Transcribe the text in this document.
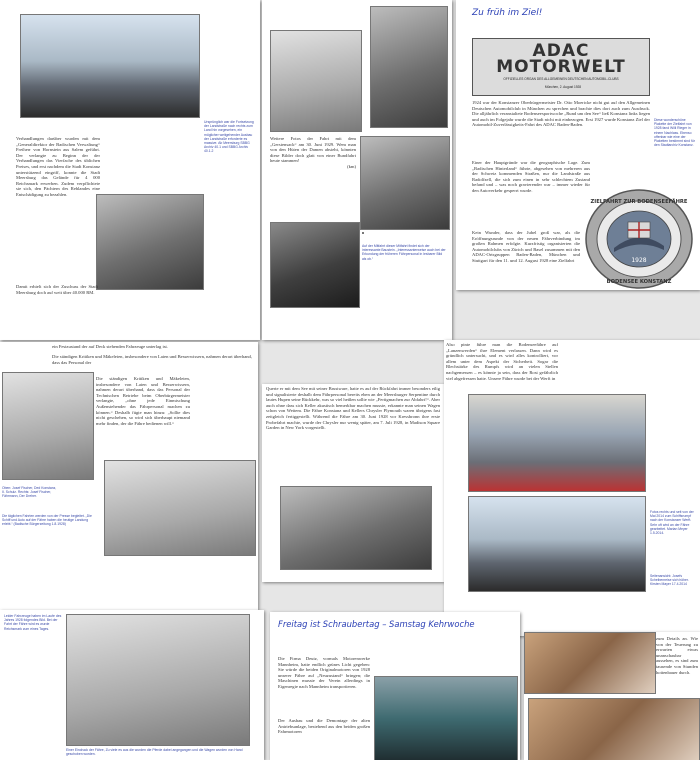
Ursprünglich war die Fortsetzung der Landstraße nach rechts zum Land hin vorgesehen, ein möglicher weitgehender Ausbau der Landstraße erforderte es massive. Ab Meersburg SBBG Archiv 40.1 und SBBG Archiv 40.1.2
Verhandlungen darüber wurden mit dem „Generaldirektor der Badischen Verwaltung“ Freiherr von Hornstein aus Salem geführt. Der verlangte zu Beginn der der Verhandlungen das Vierfache des üblichen Preises, und erst nachdem die Stadt Konstanz unterstützend eingriff, konnte die Stadt Meersburg das Gelände für 4 000 Reichsmark erwerben. Zudem verpflichtete sie sich, den Pächtern des Reblandes eine Entschädigung zu bezahlen.
Damit erhielt sich der Zuschuss der Stadt Meersburg doch auf weit über 40.000 RM.
Weitere Fotos der Fahrt mit dem „Gerstensack“ am 30. Juni 1929. Wem man von den Hüten der Damen absieht, könnten diese Bilder doch glatt von einer Bundfahrt heute stammen!
(km)
Auf der Mitfahrt dieser Mitfahrt findet sich der interessante Baustein. „Interessanterweise auch bei der Erkundung der früheren Fährpersonal in lesbarer Bild als ob.“
Zu früh im Ziel!
ADAC MOTORWELT
OFFIZIELLES ORGAN DES ALLGEMEINEN DEUTSCHEN AUTOMOBIL-CLUBS
München, 2. August 1928
1924 war der Konstanzer Oberbürgermeister Dr. Otto Moericke nicht gut auf den Allgemeinen Deutschen Automobilclub in München zu sprechen und brachte dies dort auch zum Ausdruck. Die alljährlich veranstaltete Bodenseesportwoche „Rund um den See“ ließ Konstanz links liegen und auch im Folgejahr wurde die Stadt nicht mit einbezogen. Erst 1927 wurde Konstanz Ziel der Automobil-Zuverlässigkeits-Fahrt des ADAC Baden-Baden.
Einer der Hauptgründe war die geographische Lage. Zum „Badischen Hinterland“ führte, abgesehen von mehreren aus der Schweiz kommenden Straßen, nur die Landstraße aus Radolfzell, die sich zum einen in sehr schlechtem Zustand befand und – was noch gravierender war – immer wieder für den Autoverkehr gesperrt wurde.
Kein Wunder, dass der Jubel groß war, als die Eröffnungsrunde von der neuen Fährverbindung im großen Rahmen erfolgte. Kurzfristig organisierten die Automobilclubs von Zürich und Basel zusammen mit den ADAC-Ortsgruppen Baden-Baden, München und Stuttgart für den 11. und 12. August 1928 eine Zielfahrt
Diese wunderschöne Plakette der Zielfahrt von 1928 fand Willi Rieger in einem Nachlass. Ebenso offenbar wie eine der Plaketten bestimmt sind für den Stadtarchiv Konstanz.
1928
ZIELFAHRT ZUR BODENSEEFÄHRE
BODENSEE KONSTANZ
ein Festzustand der auf Deck stehenden Fahrzeuge unterlag ist.
Die ständigen Kritiken und Mäkeleien, insbesondere von Laien und Besserwissern, nahmen derart überhand, dass das Personal der
Die ständigen Kritiken und Mäkeleien, insbesondere von Laien und Besserwissern, nahmen derart überhand, dass das Personal der Technischen Betriebe beim Oberbürgermeister verlangte, „ohne jede Einmischung Außenstehender das Fährpersonal machen zu können.“ Deshalb fügte man hinzu: „Sollte dies nicht geschehen, so wird sich überhaupt niemand mehr finden, der die Fähre bedienen will.“
Oben: Josef Fischer, Ded Konstanz, II. Schulz. Rechts: Josef Fischer, Fährmann, Der Dreher.
Die täglichen Fahrten werden von der Presse begleitet. „Die Schiff und Auto auf der Fähre haben die heutige Landung erlebt.“ (Badische Bürgerzeitung 1.8.1928)
Querte er mit dem See mit seiner Brustware, hatte es auf der Rückfahrt immer besonders eilig und signalisierte deshalb dem Fährpersonal bereits eben an der Meersburger Serpentine durch lautes Hupen seine Rückkehr, was so viel heißen sollte wie „Fertigmachen zur Abfahrt!“. Aber auch ohne dass sich Keller akustisch bemerkbar machen musste, erkannte man seinen Wagen schon von Weitem. Die Fähre Konstanz und Kellers Chrysler Plymouth waren übrigens fast zeitgleich fertiggestellt. Während die Fähre am 30. Juni 1928 vor Kressbronn ihre erste Probefahrt machte, wurde der Chrysler nur wenig später, am 7. Juli 1928, in Madison Square Garden in New York vorgestellt.
Also pinte führe man die Bodenseefähre auf „Lanzenwerden“ ihre Element verlassen. Dann wird es gründlich untersucht, und es wird alles kontrolliert, vor allem unter dem Aspekt der Sicherheit. Sogar die Blechstärke des Rumpfs wird an vielen Stellen nachgemessen – es könnte ja sein, dass der Rost gefährlich viel abgefressen hatte. Unsere Fähre wurde bei der Werft in
Fotos rechts und seit von der Mai 2014 zum Schiffsrumpf nach der Konstanzer Werft. Sehr oft wird an der Fähre gearbeitet. Marian Meyer 1.5.2014.
Seitenansicht: Josefs Scheibenreise sich höher. Kirsten Mayer 17.4.2014
Leider Fahrzeuge haben im Laufe des Jahres 1928 folgendes Bild. Bei der Fahrt der Fähre wird es wurde Reichsmark zum eines Tages.
Einer Eindruck der Fähre, Zu viele es aus die wurden die Pferde dabei angegangen und die Wagen wurden von Hand geschoben worden.
Freitag ist Schraubertag – Samstag Kehrwoche
Die Firma Deutz, vormals Motorenwerke Mannheim, hatte endlich grünes Licht gegeben: Sie würde die beiden Originalmotoren von 1928 unserer Fähre auf „Neuzustand“ bringen; die Maschinen musste der Verein allerdings in Eigenregie nach Mannheim transportieren.
Der Ausbau und die Demontage der alten Antriebsanlage, bestehend aus den beiden großen Fahrmotoren
zum Details an. Wie von der Teuerung zu erwarten etwas unanschaubar aussehen, es sind zum tausende von Stunden hottenbauer durch.
